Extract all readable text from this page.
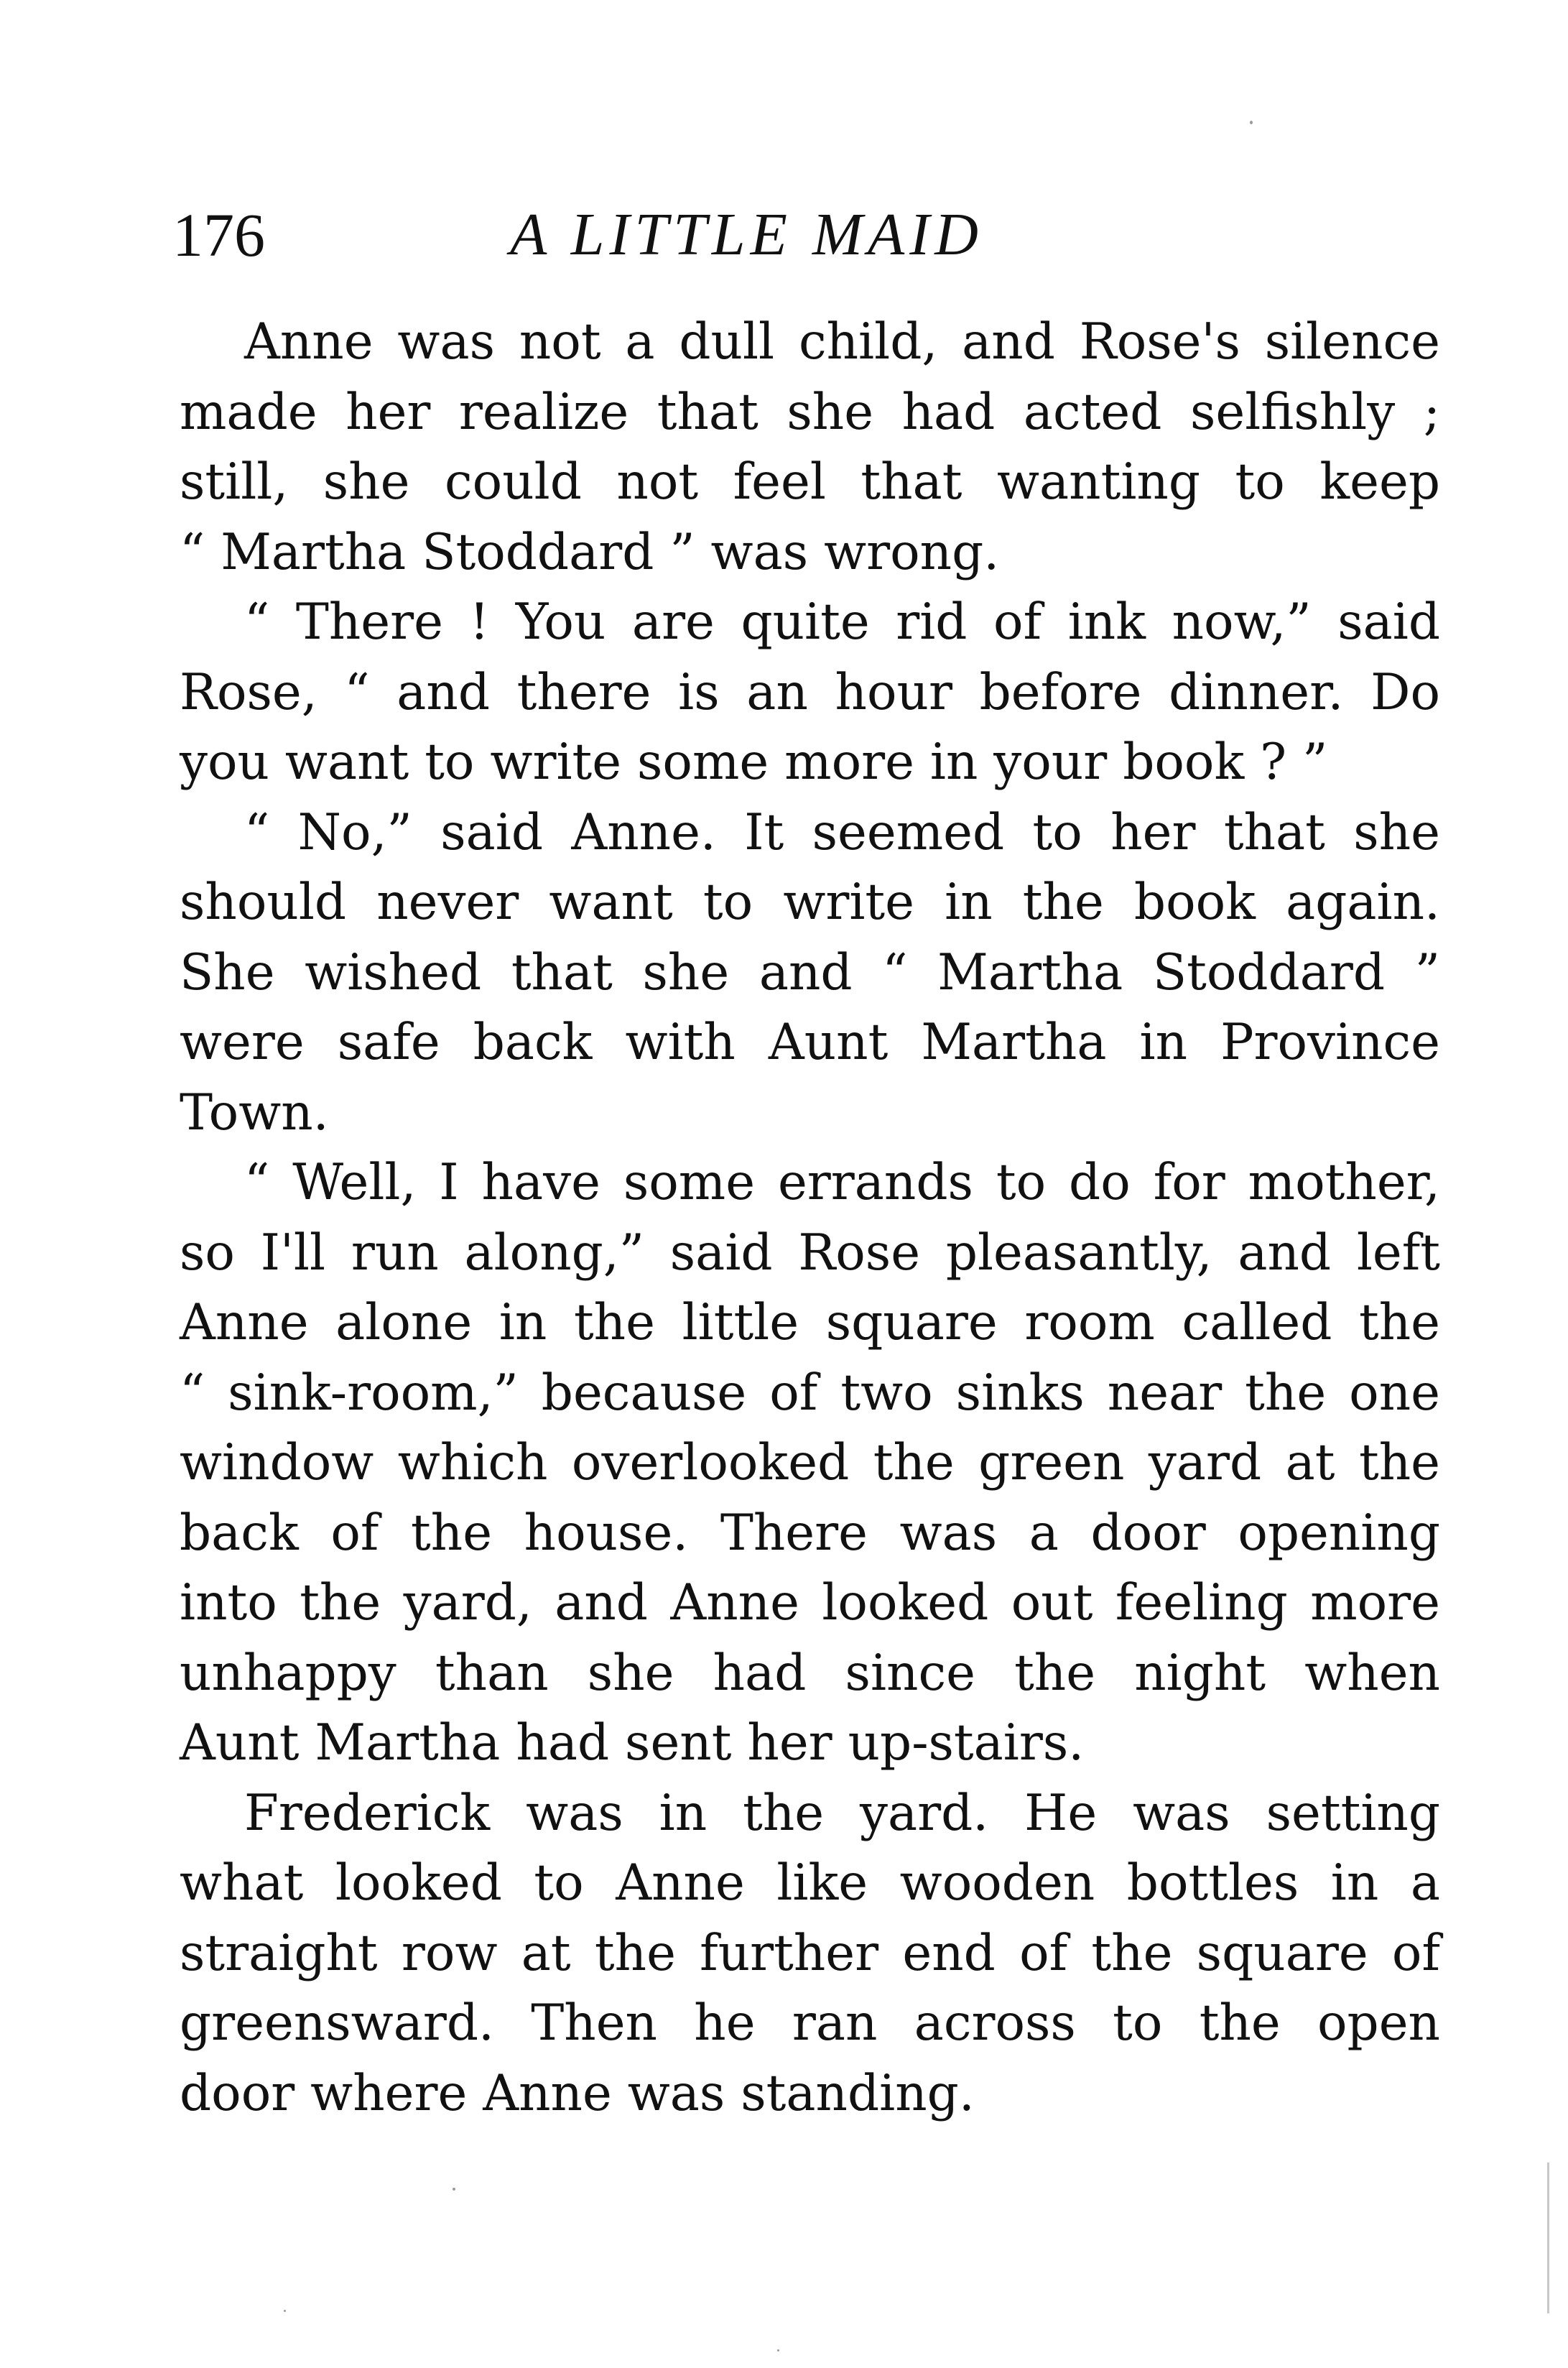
176	A LITTLE MAID
Anne was not a dull child, and Rose's silence
made her realize that she had acted selfishly ;
still, she could not feel that wanting to keep
“ Martha Stoddard ” was wrong.
“ There ! You are quite rid of ink now,” said
Rose, “ and there is an hour before dinner. Do
you want to write some more in your book ? ”
“ No,” said Anne. It seemed to her that she
should never want to write in the book again.
She wished that she and “ Martha Stoddard ”
were safe back with Aunt Martha in Province
Town.
“ Well, I have some errands to do for mother,
so I'll run along,” said Rose pleasantly, and left
Anne alone in the little square room called the
“ sink-room,” because of two sinks near the one
window which overlooked the green yard at the
back of the house. There was a door opening
into the yard, and Anne looked out feeling more
unhappy than she had since the night when
Aunt Martha had sent her up-stairs.
Frederick was in the yard. He was setting
what looked to Anne like wooden bottles in a
straight row at the further end of the square of
greensward. Then he ran across to the open
door where Anne was standing.
